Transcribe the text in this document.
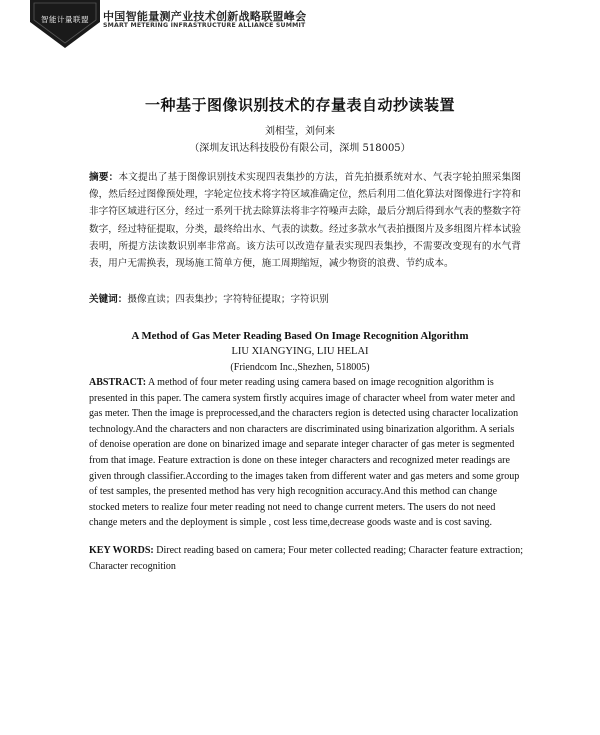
智能计量联盟	中国智能量测产业技术创新战略联盟峰会
SMART METERING INFRASTRUCTURE ALLIANCE SUMMIT
一种基于图像识别技术的存量表自动抄读装置
刘相莹，刘何来
（深圳友讯达科技股份有限公司，深圳 518005）

摘要：本文提出了基于图像识别技术实现四表集抄的方法，首先拍摄系统对水、气表字轮拍照采集图像，然后经过图像预处理，字轮定位技术将字符区域准确定位，然后利用二值化算法对图像进行字符和非字符区域进行区分，经过一系列干扰去除算法将非字符噪声去除，最后分割后得到水气表的整数字符数字，经过特征提取，分类，最终给出水、气表的读数。经过多款水气表拍摄图片及多组图片样本试验表明，所提方法读数识别率非常高。该方法可以改造存量表实现四表集抄，不需要改变现有的水气背表，用户无需换表，现场施工简单方便，施工周期缩短，减少物资的浪费、节约成本。

关键词：摄像直读；四表集抄；字符特征提取；字符识别
A Method of Gas Meter Reading Based On Image Recognition Algorithm
LIU XIANGYING, LIU HELAI
(Friendcom Inc.,Shezhen, 518005)

ABSTRACT: A method of four meter reading using camera based on image recognition algorithm is presented in this paper. The camera system firstly acquires image of character wheel from water meter and gas meter. Then the image is preprocessed,and the characters region is detected using character localization technology.And the characters and non characters are discriminated using binarization algorithm. A serials of denoise operation are done on binarized image and separate integer character of gas meter is segmented from that image. Feature extraction is done on these integer characters and recognized meter readings are given through classifier.According to the images taken from different water and gas meters and some group of test samples, the presented method has very high recognition accuracy.And this method can change stocked meters to realize four meter reading not need to change current meters. The users do not need change meters and the deployment is simple , cost less time,decrease goods waste and is cost saving.

KEY WORDS: Direct reading based on camera; Four meter collected reading; Character feature extraction; Character recognition
